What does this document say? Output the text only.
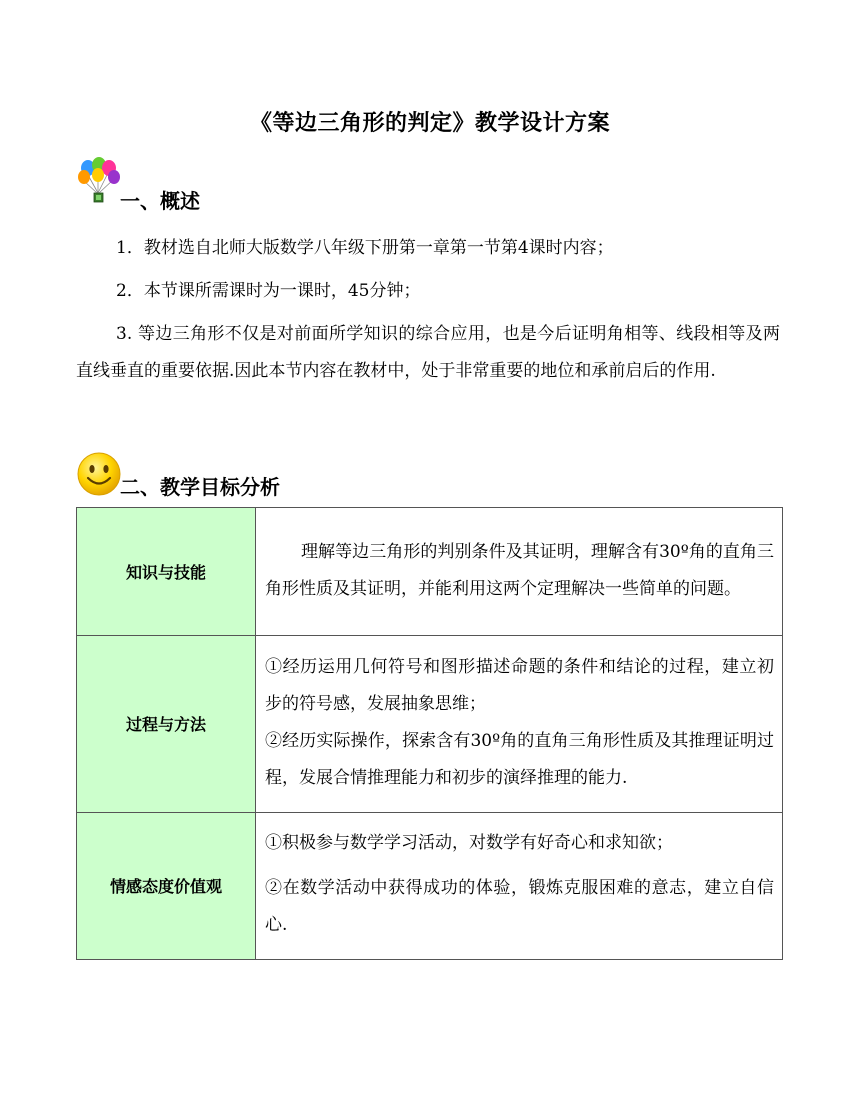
《等边三角形的判定》教学设计方案
一、概述
1．教材选自北师大版数学八年级下册第一章第一节第4课时内容；
2．本节课所需课时为一课时，45分钟；
3. 等边三角形不仅是对前面所学知识的综合应用，也是今后证明角相等、线段相等及两直线垂直的重要依据.因此本节内容在教材中，处于非常重要的地位和承前启后的作用.
二、教学目标分析
知识与技能	理解等边三角形的判别条件及其证明，理解含有30º角的直角三角形性质及其证明，并能利用这两个定理解决一些简单的问题。

过程与方法	①经历运用几何符号和图形描述命题的条件和结论的过程，建立初步的符号感，发展抽象思维；
②经历实际操作，探索含有30º角的直角三角形性质及其推理证明过程，发展合情推理能力和初步的演绎推理的能力.

情感态度价值观	①积极参与数学学习活动，对数学有好奇心和求知欲；
②在数学活动中获得成功的体验，锻炼克服困难的意志，建立自信心.
